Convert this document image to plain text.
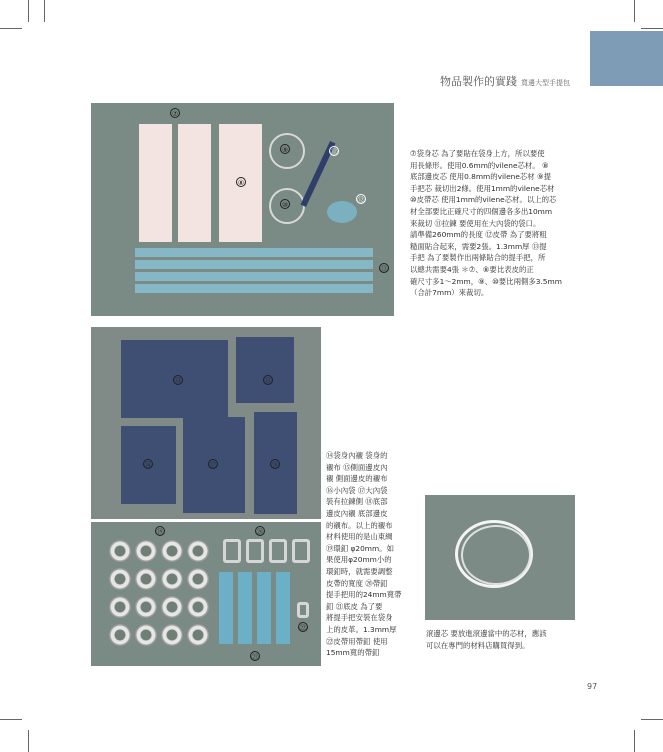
物品製作的實踐 寬邊大型手提包
⑦
⑧
⑨
⑩
⑪
⑫
⑬

⑦袋身芯 為了要貼在袋身上方，所以要使

用長條形。使用0.6mm的vilene芯材。 ⑧

底部邊皮芯 使用0.8mm的vilene芯材 ⑨提

手把芯 裁切出2條。使用1mm的vilene芯材

⑩皮帶芯 使用1mm的vilene芯材。以上的芯

材全部要比正確尺寸的四個邊各多出10mm

來裁切 ⑪拉鍊 要使用在大內袋的袋口。

請準備260mm的長度 ⑫皮帶 為了要將粗

糙面貼合起來，需要2張。1.3mm厚 ⑬提

手把 為了要製作出兩條貼合的提手把，所

以總共需要4張 ＊⑦、⑧要比表皮的正

確尺寸多1～2mm，⑨、⑩要比兩側多3.5mm

（合計7mm）來裁切。

⑭	⑮
⑯	⑰	⑱
⑲	⑳
㉑
㉒

⑭袋身內襯 袋身的

襯布 ⑮側面邊皮內

襯 側面邊皮的襯布

⑯小內袋 ⑰大內袋

裝有拉鍊側 ⑱底部

邊皮內襯 底部邊皮

的襯布。以上的襯布

材料使用的是山東綢

⑲環釦 φ20mm。如

果使用φ20mm小的

環釦時，就需要調整

皮帶的寬度 ⑳帶釦

提手把用的24mm寬帶

釦 ㉑底皮 為了要

將提手把安裝在袋身

上的皮革。1.3mm厚

㉒皮帶用帶釦 使用

15mm寬的帶釦

滾邊芯 要放進滾邊當中的芯材，應該

可以在專門的材料店購買得到。

97
